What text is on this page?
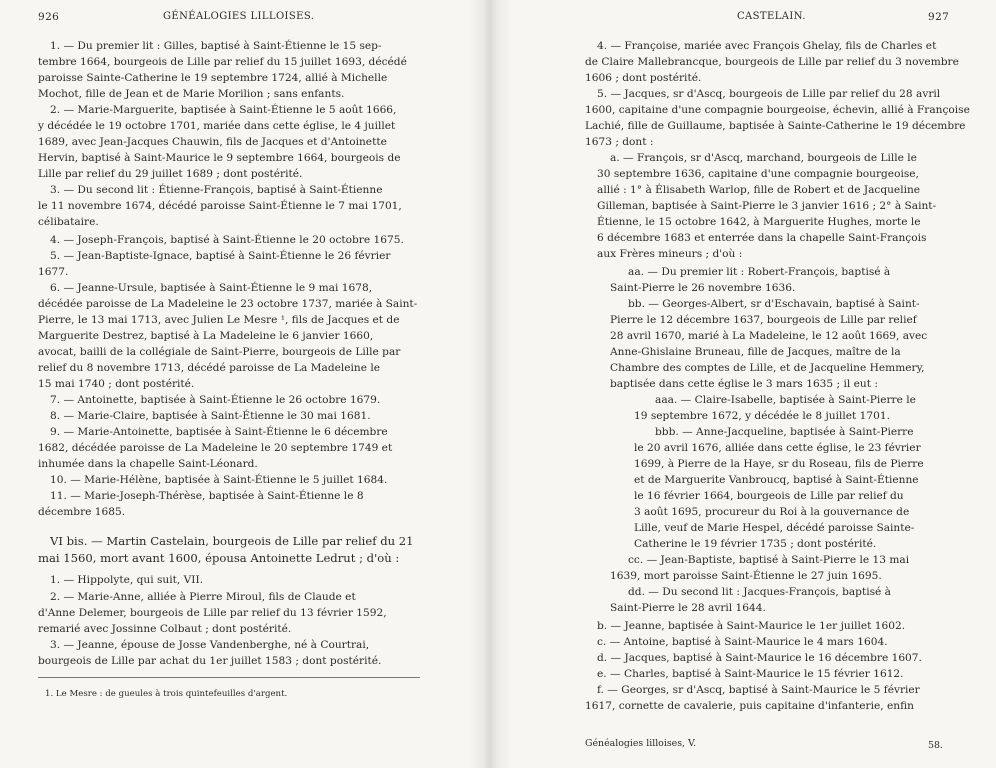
926	GÉNÉALOGIES LILLOISES.
1. — Du premier lit : Gilles, baptisé à Saint-Étienne le 15 sep-
tembre 1664, bourgeois de Lille par relief du 15 juillet 1693, décédé
paroisse Sainte-Catherine le 19 septembre 1724, allié à Michelle
Mochot, fille de Jean et de Marie Morilion ; sans enfants.
2. — Marie-Marguerite, baptisée à Saint-Étienne le 5 août 1666,
y décédée le 19 octobre 1701, mariée dans cette église, le 4 juillet
1689, avec Jean-Jacques Chauwin, fils de Jacques et d'Antoinette
Hervin, baptisé à Saint-Maurice le 9 septembre 1664, bourgeois de
Lille par relief du 29 juillet 1689 ; dont postérité.
3. — Du second lit : Étienne-François, baptisé à Saint-Étienne
le 11 novembre 1674, décédé paroisse Saint-Étienne le 7 mai 1701,
célibataire.
4. — Joseph-François, baptisé à Saint-Étienne le 20 octobre 1675.
5. — Jean-Baptiste-Ignace, baptisé à Saint-Étienne le 26 février
1677.
6. — Jeanne-Ursule, baptisée à Saint-Étienne le 9 mai 1678,
décédée paroisse de La Madeleine le 23 octobre 1737, mariée à Saint-
Pierre, le 13 mai 1713, avec Julien Le Mesre ¹, fils de Jacques et de
Marguerite Destrez, baptisé à La Madeleine le 6 janvier 1660,
avocat, bailli de la collégiale de Saint-Pierre, bourgeois de Lille par
relief du 8 novembre 1713, décédé paroisse de La Madeleine le
15 mai 1740 ; dont postérité.
7. — Antoinette, baptisée à Saint-Étienne le 26 octobre 1679.
8. — Marie-Claire, baptisée à Saint-Étienne le 30 mai 1681.
9. — Marie-Antoinette, baptisée à Saint-Étienne le 6 décembre
1682, décédée paroisse de La Madeleine le 20 septembre 1749 et
inhumée dans la chapelle Saint-Léonard.
10. — Marie-Hélène, baptisée à Saint-Étienne le 5 juillet 1684.
11. — Marie-Joseph-Thérèse, baptisée à Saint-Étienne le 8
décembre 1685.
VI bis. — Martin Castelain, bourgeois de Lille par relief du 21
mai 1560, mort avant 1600, épousa Antoinette Ledrut ; d'où :
1. — Hippolyte, qui suit, VII.
2. — Marie-Anne, alliée à Pierre Miroul, fils de Claude et
d'Anne Delemer, bourgeois de Lille par relief du 13 février 1592,
remarié avec Jossinne Colbaut ; dont postérité.
3. — Jeanne, épouse de Josse Vandenberghe, né à Courtrai,
bourgeois de Lille par achat du 1er juillet 1583 ; dont postérité.
1. Le Mesre : de gueules à trois quintefeuilles d'argent.
CASTELAIN.	927
4. — Françoise, mariée avec François Ghelay, fils de Charles et
de Claire Mallebrancque, bourgeois de Lille par relief du 3 novembre
1606 ; dont postérité.
5. — Jacques, sr d'Ascq, bourgeois de Lille par relief du 28 avril
1600, capitaine d'une compagnie bourgeoise, échevin, allié à Françoise
Lachié, fille de Guillaume, baptisée à Sainte-Catherine le 19 décembre
1673 ; dont :
a. — François, sr d'Ascq, marchand, bourgeois de Lille le
30 septembre 1636, capitaine d'une compagnie bourgeoise,
allié : 1° à Élisabeth Warlop, fille de Robert et de Jacqueline
Gilleman, baptisée à Saint-Pierre le 3 janvier 1616 ; 2° à Saint-
Étienne, le 15 octobre 1642, à Marguerite Hughes, morte le
6 décembre 1683 et enterrée dans la chapelle Saint-François
aux Frères mineurs ; d'où :
aa. — Du premier lit : Robert-François, baptisé à
Saint-Pierre le 26 novembre 1636.
bb. — Georges-Albert, sr d'Eschavain, baptisé à Saint-
Pierre le 12 décembre 1637, bourgeois de Lille par relief
28 avril 1670, marié à La Madeleine, le 12 août 1669, avec
Anne-Ghislaine Bruneau, fille de Jacques, maître de la
Chambre des comptes de Lille, et de Jacqueline Hemmery,
baptisée dans cette église le 3 mars 1635 ; il eut :
aaa. — Claire-Isabelle, baptisée à Saint-Pierre le
19 septembre 1672, y décédée le 8 juillet 1701.
bbb. — Anne-Jacqueline, baptisée à Saint-Pierre
le 20 avril 1676, alliée dans cette église, le 23 février
1699, à Pierre de la Haye, sr du Roseau, fils de Pierre
et de Marguerite Vanbroucq, baptisé à Saint-Étienne
le 16 février 1664, bourgeois de Lille par relief du
3 août 1695, procureur du Roi à la gouvernance de
Lille, veuf de Marie Hespel, décédé paroisse Sainte-
Catherine le 19 février 1735 ; dont postérité.
cc. — Jean-Baptiste, baptisé à Saint-Pierre le 13 mai
1639, mort paroisse Saint-Étienne le 27 juin 1695.
dd. — Du second lit : Jacques-François, baptisé à
Saint-Pierre le 28 avril 1644.
b. — Jeanne, baptisée à Saint-Maurice le 1er juillet 1602.
c. — Antoine, baptisé à Saint-Maurice le 4 mars 1604.
d. — Jacques, baptisé à Saint-Maurice le 16 décembre 1607.
e. — Charles, baptisé à Saint-Maurice le 15 février 1612.
f. — Georges, sr d'Ascq, baptisé à Saint-Maurice le 5 février
1617, cornette de cavalerie, puis capitaine d'infanterie, enfin
Généalogies lilloises, V.	58.
